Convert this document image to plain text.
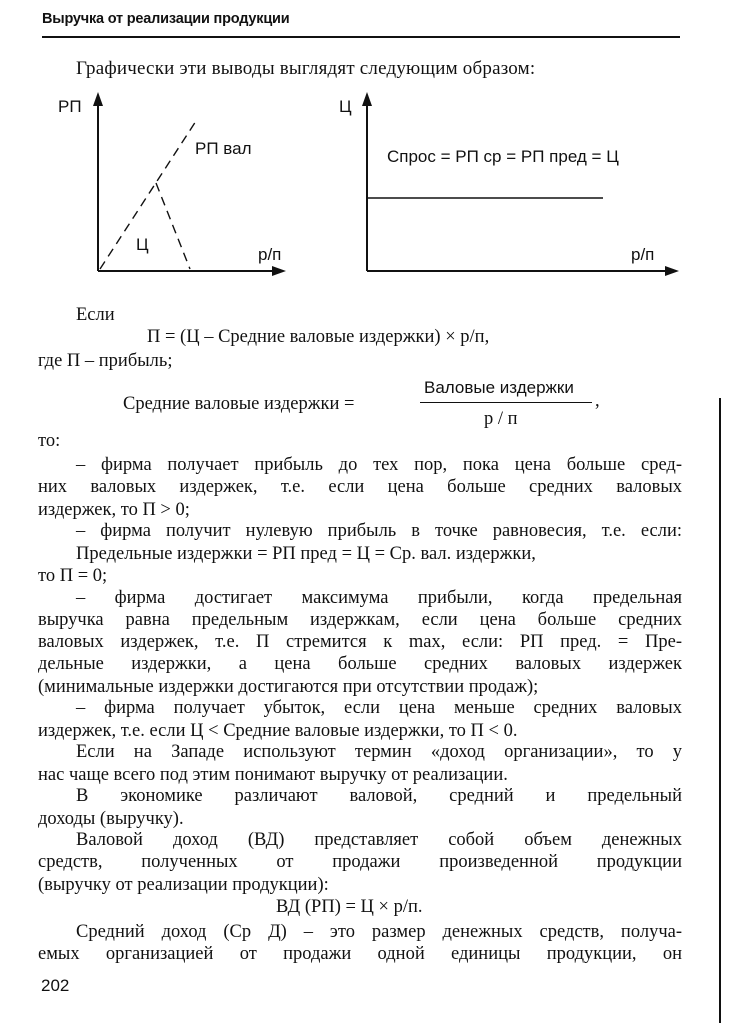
Выручка от реализации продукции
Графически эти выводы выглядят следующим образом:
РП
РП вал
Ц
р/п
Ц
Спрос = РП ср = РП пред = Ц
р/п
Если
П = (Ц – Средние валовые издержки) × р/п,
где П – прибыль;
Средние валовые издержки =
Валовые издержки
р / п
,
то:
– фирма получает прибыль до тех пор, пока цена больше сред-
них валовых издержек, т.е. если цена больше средних валовых
издержек, то П > 0;
– фирма получит нулевую прибыль в точке равновесия, т.е. если:
Предельные издержки = РП пред = Ц = Ср. вал. издержки,
то П = 0;
– фирма достигает максимума прибыли, когда предельная
выручка равна предельным издержкам, если цена больше средних
валовых издержек, т.е. П стремится к max, если: РП пред. = Пре-
дельные издержки, а цена больше средних валовых издержек
(минимальные издержки достигаются при отсутствии продаж);
– фирма получает убыток, если цена меньше средних валовых
издержек, т.е. если Ц < Средние валовые издержки, то П < 0.
Если на Западе используют термин «доход организации», то у
нас чаще всего под этим понимают выручку от реализации.
В экономике различают валовой, средний и предельный
доходы (выручку).
Валовой доход (ВД) представляет собой объем денежных
средств, полученных от продажи произведенной продукции
(выручку от реализации продукции):
ВД (РП) = Ц × р/п.
Средний доход (Ср Д) – это размер денежных средств, получа-
емых организацией от продажи одной единицы продукции, он
202
